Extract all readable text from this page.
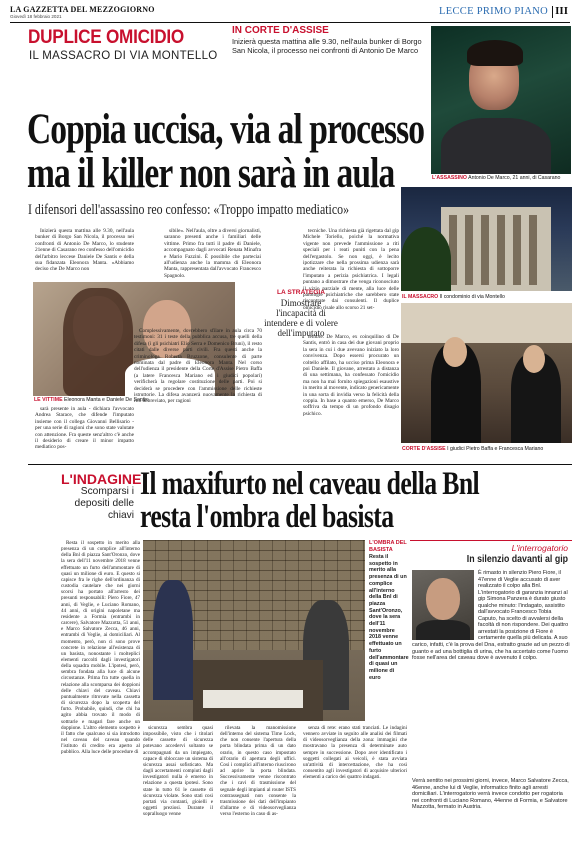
LA GAZZETTA DEL MEZZOGIORNO
Giovedì 18 febbraio 2021	LECCE PRIMO PIANO III
DUPLICE OMICIDIO
IL MASSACRO DI VIA MONTELLO
IN CORTE D'ASSISE
Inizierà questa mattina alle 9.30, nell'aula bunker di Borgo San Nicola, il processo nei confronti di Antonio De Marco
L'ASSASSINO Antonio De Marco, 21 anni, di Casarano
Coppia uccisa, via al processo
ma il killer non sarà in aula
I difensori dell'assassino reo confesso: «Troppo impatto mediatico»

Inizierà questa mattina alle 9.30, nell'aula bunker di Borgo San Nicola, il processo nei confronti di Antonio De Marco, lo studente 21enne di Casarano reo confesso dell'omicidio dell'arbitro leccese Daniele De Santis e della sua fidanzata Eleonora Manta. «Abbiamo deciso che De Marco non

LE VITTIME Eleonora Manta e Daniele De Santis

sarà presente in aula - dichiara l'avvocato Andrea Starace, che difende l'imputato insieme con il collega Giovanni Bellisario - per una serie di ragioni che sono state valutate con attenzione. Fra queste senz'altro c'è anche il desiderio di creare il minor impatto mediatico pos-

sibile». Nell'aula, oltre a diversi giornalisti, saranno presenti anche i familiari delle vittime. Primo fra tutti il padre di Daniele, accompagnato dagli avvocati Renata Minafra e Mario Fazzini. È possibile che parteciai all'udienza anche la mamma di Eleonora Manta, rappresentata dall'avvocato Francesco Spagnolo.

Complessivamente, dovrebbero sfilare in aula circa 70 testimoni: 31 i teste della pubblica accusa, tre quelli della difesa (i gli psichiatri Elio Serra e Domenico Bruni), il resto citati dalle diverse parti civili. Fra questi anche la criminologa Roberta Bruzzone, consulente di parte nominata dal padre di Eleonora Manta. Nel corso dell'udienza il presidente della Corte d'Assise Pietro Baffa (a latere Francesca Mariano ed i giudici popolari) verificherà la regolare costituzione delle parti. Poi si deciderà se procedere con l'ammissione delle richieste istruttorie. La difesa avanzerà nuovamente la richiesta di rito abbreviato, per ragioni

LA STRATEGIA
Dimostrare l'incapacità di intendere e di volere dell'imputato

tecniche. Una richiesta già rigettata dal gip Michele Toriello, poiché la normativa vigente non prevede l'ammissione a riti speciali per i reati puniti con la pena dell'ergastolo. Se non oggi, è lecito ipotizzare che nella prossima udienza sarà anche reiterata la richiesta di sottoporre l'imputato a perizia psichiatrica. I legali puntano a dimostrare che venga riconosciuto il vizio parziale di mente, alla luce delle patologie psichiatriche che sarebbero state riscontrate dai consulenti. Il duplice omicidio risale allo scorso 21 set-

tembre. De Marco, ex coinquilino di De Santis, entrò in casa dei due giovani proprio la sera in cui i due avevano iniziato la loro convivenza. Dopo essersi procurato un coltello affilato, ha ucciso prima Eleonora e poi Daniele. Il giovane, arrestato a distanza di una settimana, ha confessato l'omicidio ma non ha mai fornito spiegazioni esaustive in merito al movente, indicato genericamente in una sorta di invidia verso la felicità della coppia. In base a quanto emerso, De Marco soffriva da tempo di un profondo disagio psichico.

IL MASSACRO Il condominio di via Montello
CORTE D'ASSISE I giudici Pietro Baffa e Francesca Mariano
L'INDAGINE
Scomparsi i depositi delle chiavi
Il maxifurto nel caveau della Bnl
resta l'ombra del basista

Resta il sospetto in merito alla presenza di un complice all'interno della Bnl di piazza Sant'Oronzo, dove la sera dell'11 novembre 2018 venne effettuato un furto dell'ammontare di quasi un milione di euro. E questo si capisce fra le righe dell'ordinanza di custodia cautelare che nei giorni scorsi ha portato all'arresto dei presunti responsabili: Piero Fiore, 47 anni, di Veglie, e Luciano Romano, 44 anni, di origini napoletane ma residente a Formia (entrambi in carcere), Salvatore Mazzotta, 51 anni, e Marco Salvatore Zecca, 46 anni, entrambi di Veglie, ai domiciliari. Al momento, però, non ci sono prove concrete in relazione all'esistenza di un basista, nonostante i molteplici elementi raccolti dagli investigatori della squadra mobile. L'ipotesi, però, sembra fondata alla luce di alcune circostanze. Prima fra tutte quella in relazione alla scomparsa dei doppioni delle chiavi del caveau. Chiavi puntualmente ritrovate nella cassetta di sicurezza dopo la scoperta del furto. Probabile, quindi, che chi ha agito abbia trovato il modo di sottrarle e magari fare anche un doppione. L'altro elemento sospetto è il fatto che qualcuno si sia introdotto nel caveau del caveau quando l'istituto di credito era aperto al pubblico. Alla luce delle procedure di

L'OMBRA DEL BASISTA
Resta il sospetto in merito alla presenza di un complice all'interno della Bnl di piazza Sant'Oronzo, dove la sera dell'11 novembre 2018 venne effettuato un furto dell'ammontare di quasi un milione di euro

sicurezza sembra quasi impossibile, visto che i titolari delle cassette di sicurezza potevano accedervi soltanto se accompagnati da un impiegato, capace di sbloccare un sistema di sicurezza assai sofisticato. Ma dagli accertamenti compiuti dagli investigatori nulla è emerso in relazione a questa ipotesi. Sono state in tutto 61 le cassette di sicurezza violate. Sono stati così portati via contanti, gioielli e oggetti preziosi. Durante il sopralluogo venne

rilevata la manomissione dell'interno del sistema Time Lock, che non consente l'apertura della porta blindata prima di un dato orario, in questo caso impostato all'orario di apertura degli uffici. Così i complici all'interno riuscirono ad aprire la porta blindata. Successivamente venne riscontrato che i cavi di trasmissione del segnale degli impianti al router ISTS contrassegnati non consente la trasmissione dei dati dell'impianto d'allarme e di videosorveglianza verso l'esterno in caso di as-

senza di rete: erano stati tranciati. Le indagini vennero avviate in seguito alle analisi dei filmati di videosorveglianza della zona: immagini che mostravano la presenza di determinate auto sempre in successione. Dopo aver identificato i soggetti collegati ai veicoli, è stata avviata un'attività di intercettazione, che ha così consentito agli investigatori di acquisire ulteriori elementi a carico dei quattro indagati.

L'interrogatorio
In silenzio davanti al gip
È rimasto in silenzio Piero Fiore, il 47enne di Veglie accusato di aver realizzato il colpo alla Bnl. L'interrogatorio di garanzia innanzi al gip Simona Panzera è durato giusto qualche minuto: l'indagato, assistito dall'avvocato Francesco Tobia Caputo, ha scelto di avvalersi della facoltà di non rispondere. Dei quattro arrestati la posizione di Fiore è certamente quella più delicata. A suo carico, infatti, c'è la prova del Dna, estratto grazie ad un pezzo di guanto e ad una bottiglia di urina, che ha accertato come l'uomo fosse nell'area del caveau dove è avvenuto il colpo.
Verrà sentito nei prossimi giorni, invece, Marco Salvatore Zecca, 46enne, anche lui di Veglie, informatico finito agli arresti domiciliari. L'interrogatorio verrà invece condotto per rogatoria nei confronti di Luciano Romano, 44enne di Formia, e Salvatore Mazzotta, fermato in Austria.
